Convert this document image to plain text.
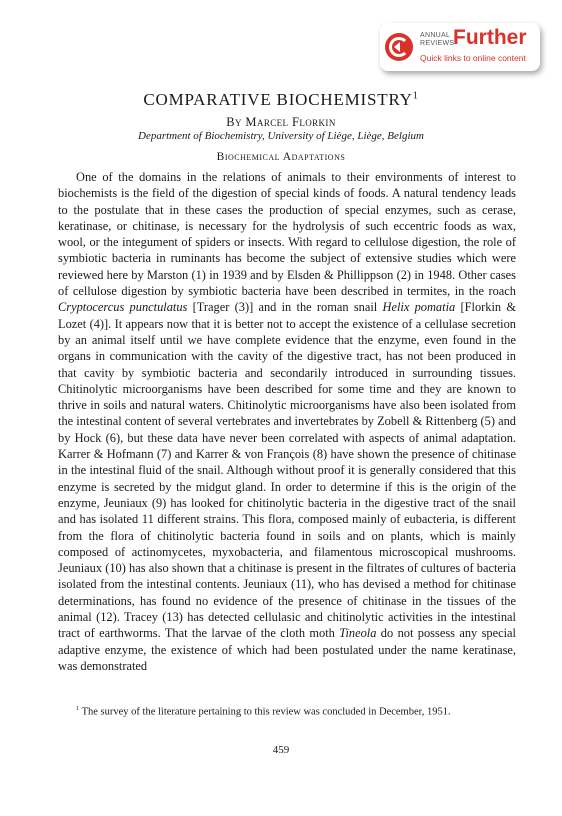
ANNUAL
REVIEWS
Further
Quick links to online content
COMPARATIVE BIOCHEMISTRY$^1$
By Marcel Florkin
Department of Biochemistry, University of Liège, Liège, Belgium
Biochemical Adaptations

One of the domains in the relations of animals to their environments of interest to biochemists is the field of the digestion of special kinds of foods. A natural tendency leads to the postulate that in these cases the production of special enzymes, such as cerase, keratinase, or chitinase, is necessary for the hydrolysis of such eccentric foods as wax, wool, or the integument of spiders or insects. With regard to cellulose digestion, the role of symbiotic bacteria in ruminants has become the subject of extensive studies which were reviewed here by Marston (1) in 1939 and by Elsden & Phillippson (2) in 1948. Other cases of cellulose digestion by symbiotic bacteria have been described in termites, in the roach Cryptocercus punctulatus [Trager (3)] and in the roman snail Helix pomatia [Florkin & Lozet (4)]. It appears now that it is better not to accept the existence of a cellulase secretion by an animal itself until we have complete evidence that the enzyme, even found in the organs in communication with the cavity of the digestive tract, has not been produced in that cavity by symbiotic bacteria and secondarily introduced in surrounding tissues. Chitinolytic microorganisms have been described for some time and they are known to thrive in soils and natural waters. Chitinolytic microorganisms have also been isolated from the intestinal content of several vertebrates and invertebrates by Zobell & Rittenberg (5) and by Hock (6), but these data have never been correlated with aspects of animal adaptation. Karrer & Hofmann (7) and Karrer & von François (8) have shown the presence of chitinase in the intestinal fluid of the snail. Although without proof it is generally considered that this enzyme is secreted by the midgut gland. In order to determine if this is the origin of the enzyme, Jeuniaux (9) has looked for chitinolytic bacteria in the digestive tract of the snail and has isolated 11 different strains. This flora, composed mainly of eubacteria, is different from the flora of chitinolytic bacteria found in soils and on plants, which is mainly composed of actinomycetes, myxobacteria, and filamentous microscopical mushrooms. Jeuniaux (10) has also shown that a chitinase is present in the filtrates of cultures of bacteria isolated from the intestinal contents. Jeuniaux (11), who has devised a method for chitinase determinations, has found no evidence of the presence of chitinase in the tissues of the animal (12). Tracey (13) has detected cellulasic and chitinolytic activities in the intestinal tract of earthworms. That the larvae of the cloth moth Tineola do not possess any special adaptive enzyme, the existence of which had been postulated under the name keratinase, was demonstrated

$^1$ The survey of the literature pertaining to this review was concluded in December, 1951.

459
